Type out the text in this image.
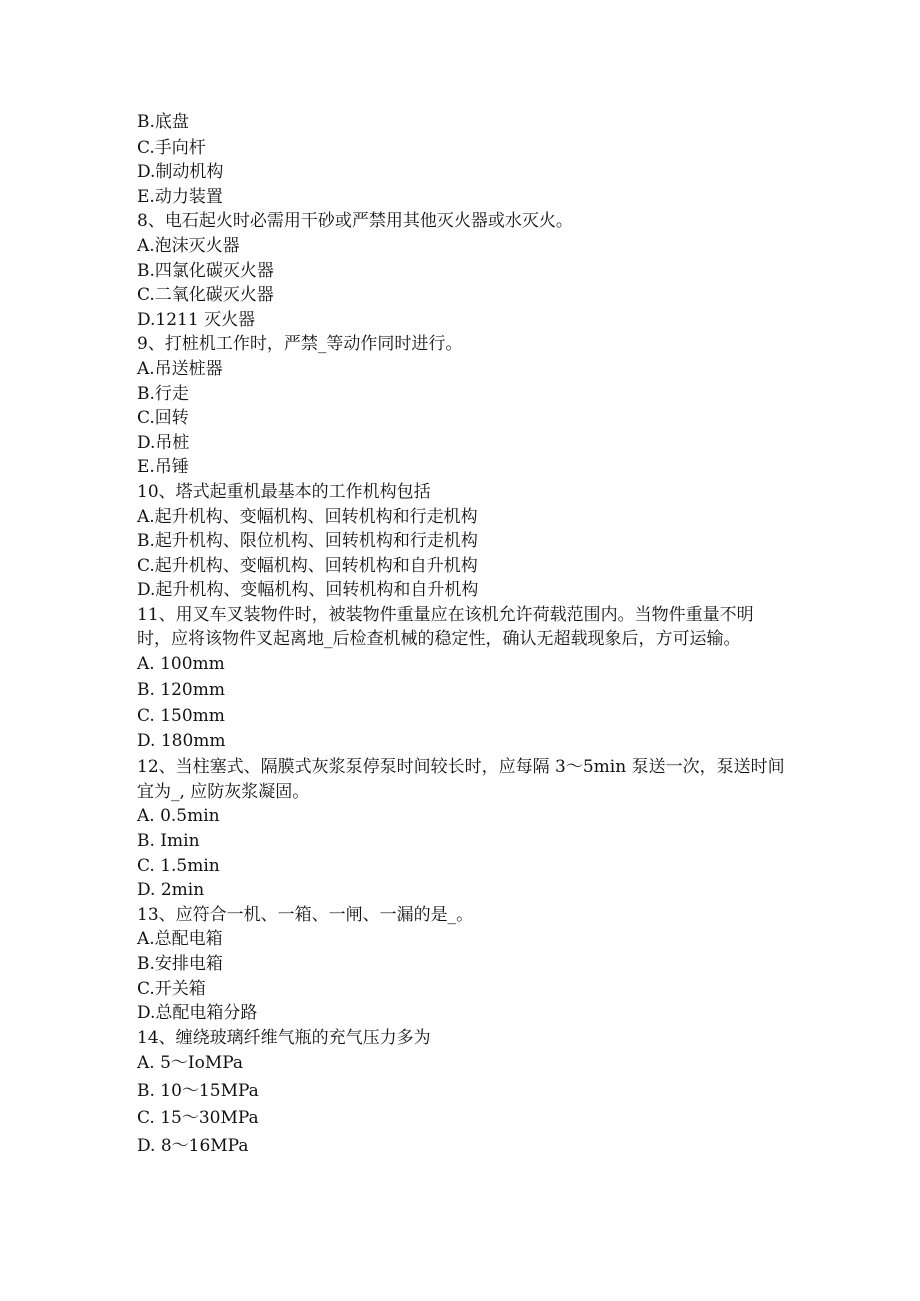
B.底盘
C.手向杆
D.制动机构
E.动力装置
8、电石起火时必需用干砂或严禁用其他灭火器或水灭火。
A.泡沫灭火器
B.四氯化碳灭火器
C.二氧化碳灭火器
D.1211 灭火器
9、打桩机工作时，严禁_等动作同时进行。
A.吊送桩器
B.行走
C.回转
D.吊桩
E.吊锤
10、塔式起重机最基本的工作机构包括
A.起升机构、变幅机构、回转机构和行走机构
B.起升机构、限位机构、回转机构和行走机构
C.起升机构、变幅机构、回转机构和自升机构
D.起升机构、变幅机构、回转机构和自升机构
11、用叉车叉装物件时，被装物件重量应在该机允许荷载范围内。当物件重量不明时，应将该物件叉起离地_后检查机械的稳定性，确认无超载现象后，方可运输。
A. 100mm
B. 120mm
C. 150mm
D. 180mm
12、当柱塞式、隔膜式灰浆泵停泵时间较长时，应每隔 3～5min 泵送一次，泵送时间宜为_, 应防灰浆凝固。
A. 0.5min
B. Imin
C. 1.5min
D. 2min
13、应符合一机、一箱、一闸、一漏的是_。
A.总配电箱
B.安排电箱
C.开关箱
D.总配电箱分路
14、缠绕玻璃纤维气瓶的充气压力多为
A. 5～IoMPa
B. 10～15MPa
C. 15～30MPa
D. 8～16MPa
